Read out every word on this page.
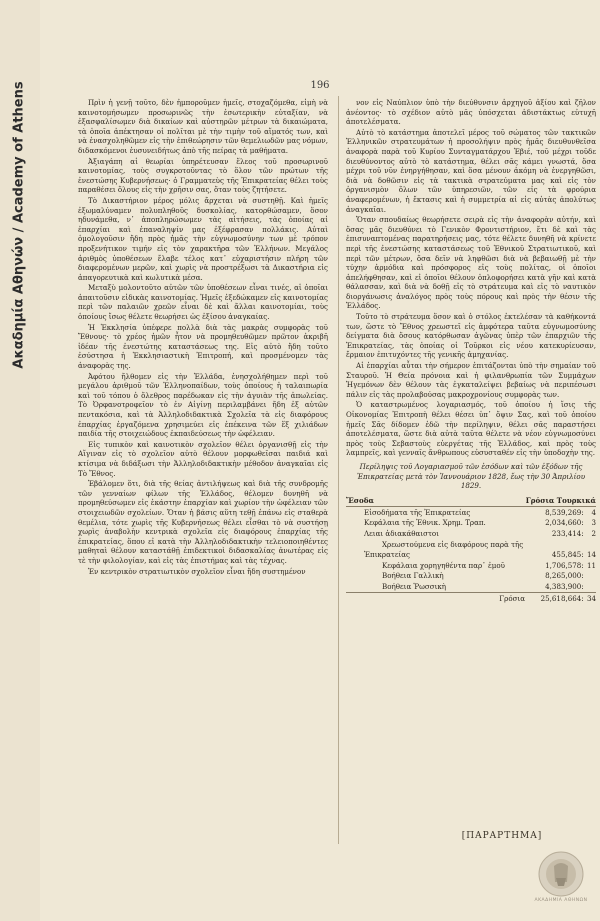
Ακαδημία Αθηνών / Academy of Athens	196

Πρὶν ἡ γενῇ τοῦτο, δὲν ἠμποροῦμεν ἡμεῖς, στοχαζόμεθα, εἰμὴ νὰ καινοτομήσωμεν προσωρινῶς τὴν ἐσωτερικὴν εὐταξίαν, νὰ ἐξασφαλίσωμεν διὰ δικαίων καὶ αὐστηρῶν μέτρων τὰ δικαιώματα, τὰ ὁποῖα ἀπέκτησαν οἱ πολῖται μὲ τὴν τιμὴν τοῦ αἵματός των, καὶ νὰ ἐνασχοληθῶμεν εἰς τὴν ἐπιθεώρησιν τῶν θεμελιωδῶν μας νόμων, διδασκόμενοι ἐυσυνειδήτως ἀπὸ τῆς πείρας τὰ μαθήματα.

Ἀξιαγάπη αἱ θεωρίαι ὑπηρέτευσαν ἕλεος τοῦ προσωρινοῦ καινοτομίας, τοὺς συγκροτοῦντας τὸ ὅλον τῶν πρώτων τῆς ἐνεστώσης Κυβερνήσεως· ὁ Γραμματεὺς τῆς Ἐπικρατείας θέλει τοὺς παραθέσει ὅλους εἰς τὴν χρῆσιν σας, ὅταν τοὺς ζητήσετε.

Τὸ Δικαστήριον μέρος μόλις ἄρχεται νὰ συστηθῇ. Καὶ ἡμεῖς ἐξωμαλύναμεν πολυπληθοῦς δυσκολίας, κατορθώσαμεν, ὅσον ηδυνάμεθα, ν᾽ ἀποπληρώσωμεν τὰς αἰτήσεις, τὰς ὁποίας αἱ ἐπαρχίαι καὶ ἐπαναληψίν μας ἐξέφρασαν πολλάκις. Αὐταὶ ὁμολογοῦσιν ἤδη πρὸς ἡμᾶς τὴν εὐγνωμοσύνην των μὲ τρόπον προξενήτικον τιμήν εἰς τὸν χαρακτῆρα τῶν Ἑλλήνων. Μεγάλος ἀριθμὸς ὑποθέσεων ἔλαβε τέλος κατ᾽ εὐχαριστήσιν πλήρη τῶν διαφερομένων μερῶν, καὶ χωρὶς νὰ προστρέξωσι τὰ Δικαστήρια εἰς ἀπαγορευτικὰ καὶ κωλυτικὰ μέσα.

Μεταξὺ μολοντοῦτο αὐτῶν τῶν ὑποθέσεων εἶναι τινές, αἱ ὁποῖαι ἀπαιτοῦσιν εἰδικὰς καινοτομίας. Ἡμεῖς ἐξεδώκαμεν εἰς καινοτομίας περὶ τῶν παλαιῶν χρεῶν εἶναι δὲ καὶ ἄλλαι καινοτομίαι, τοὺς ὁποίους ἴσως θέλετε θεωρήσει ὡς ἐξίσου ἀναγκαίας.

Ἡ Ἐκκλησία ὑπέφερε πολλὰ διὰ τὰς μακρὰς συμφορὰς τοῦ Ἔθνους· τὸ χρέος ἡμῶν ἦτον νὰ προμηθευθῶμεν πρῶτον ἀκριβῆ ἰδέαν τῆς ἐνεστώτης καταστάσεως της. Εἰς αὐτὸ ἤδη τοῦτο ἐσύστησα ἡ Ἐκκλησιαστικὴ Ἐπιτροπή, καὶ προσμένομεν τὰς ἀναφορὰς της.

Ἀφότου ἤλθομεν εἰς τὴν Ἑλλάδα, ἐνησχολήθημεν περὶ τοῦ μεγάλου ἀριθμοῦ τῶν Ἑλληνοπαίδων, τοὺς ὁποίους ἡ ταλαιπωρία καὶ τοῦ τόπου ὁ ὄλεθρος παρέδωκαν εἰς τὴν ἀγυιὰν τῆς ἀπωλείας. Τὸ Ὀρφανοτροφεῖον τὸ ἐν Αἰγίνῃ περιλαμβάνει ἤδη ἐξ αὐτῶν πεντακόσια, καὶ τὰ Ἀλληλοδιδακτικὰ Σχολεῖα τὰ εἰς διαφόρους ἐπαρχίας ἐργαζόμενα χρησιμεύει εἰς ἐπέκεινα τῶν ἕξ χιλιάδων παιδία τῆς στοιχειώδους ἐκπαιδεύσεως τὴν ὠφέλειαν.

Εἰς τυπικὸν καὶ καινοτικὸν σχολεῖον θέλει ὀργανισθῇ εἰς τὴν Αἴγιναν εἰς τὸ σχολεῖον αὐτὸ θέλουν μορφωθεῖσαι παιδιά καὶ κτίσιμα νὰ διδάξωσι τὴν Ἀλληλοδιδακτικὴν μέθοδον ἀναγκαῖαι εἰς Τὸ Ἔθνος.

Ἐβάλομεν ὅτι, διὰ τῆς θείας ἀντιλήψεως καὶ διὰ τῆς συνδρομῆς τῶν γενναίων φίλων τῆς Ἑλλάδος, θέλομεν δυνηθῆ νὰ προμηθεύσωμεν εἰς ἑκάστην ἐπαρχίαν καὶ χωρίον τὴν ὠφέλειαν τῶν στοιχειωδῶν σχολείων. Ὅταν ἡ βάσις αὕτη τεθῇ ἐπάνω εἰς σταθερὰ θεμέλια, τότε χωρὶς τῆς Κυβερνήσεως θέλει εἶσθαι τὸ νὰ συστήσῃ χωρὶς ἀναβολὴν κεντρικὰ σχολεῖα εἰς διαφόρους ἐπαρχίας τῆς ἐπικρατείας, ὅπου εἰ κατὰ τὴν Ἀλληλοδιδακτικὴν τελειοποιηθέντες μαθηταὶ θέλουν καταστάθῇ ἐπιδεκτικοὶ διδασκαλίας ἀνωτέρας εἰς τὲ τὴν φιλολογίαν, καὶ εἰς τὰς ἐπιστήμας καὶ τὰς τέχνας.

Ἐν κεντρικὸν στρατιωτικὸν σχολεῖον εἶναι ἤδη συστημένον

νον εἰς Ναύπλιον ὑπὸ τὴν διεύθυνσιν ἀρχηγοῦ ἀξίου καὶ ζῆλον ἀνέοντος· τὸ σχέδιον αὐτὸ μᾶς ὑπόσχεται ἀδιστάκτως εὐτυχῆ ἀποτελέσματα.

Αὐτὸ τὸ κατάστημα ἀποτελεῖ μέρος τοῦ σώματος τῶν τακτικῶν Ἑλληνικῶν στρατευμάτων ἡ προσολήψιν πρὸς ἡμᾶς διευθυνθεῖσα ἀναφορὰ παρὰ τοῦ Κυρίου Συνταγματάρχου Ἐβιέ, τοῦ μέχρι τοῦδε διευθύνοντος αὐτὸ τὸ κατάστημα, θέλει σᾶς κάμει γνωστά, ὅσα μέχρι τοῦ νῦν ἐνηργήθησαν, καὶ ὅσα μένουν ἀκόμη νὰ ἐνεργηθῶσι, διὰ νὰ δοθῶσιν εἰς τὰ τακτικὰ στρατεύματα μας καὶ εἰς τὸν ὀργανισμὸν ὅλων τῶν ὑπηρεσιῶν, τῶν εἰς τὰ φρούρια ἀναφερομένων, ἡ ἔκτασις καὶ ἡ συμμετρία αἱ εἰς αὐτὰς ἀπολύτως ἀναγκαῖαι.

Ὅταν σπουδαίως θεωρήσετε σειρὰ εἰς τὴν ἀναφορὰν αὐτήν, καὶ ὅσας μᾶς διευθύνει τὸ Γενικὸν Φροντιστήριον, ἔτι δὲ καὶ τὰς ἐπισυναπτομένας παρατηρήσεις μας, τότε θέλετε δυνηθῆ νὰ κρίνετε περὶ τῆς ἐνεστώσης καταστάσεως τοῦ Ἐθνικοῦ Στρατιωτικοῦ, καὶ περὶ τῶν μέτρων, ὅσα δεῖν νὰ ληφθῶσι διὰ νὰ βεβαιωθῇ μὲ τὴν τύχην ἁρμόδια καὶ πρόσφορος εἰς τοὺς πολίτας, οἱ ὁποῖοι ἀπελήφθησαν, καὶ εἰ ὁποῖοι θέλουν ὁπλοφορήσει κατὰ γῆν καὶ κατὰ θάλασσαν, καὶ διὰ νὰ δοθῇ εἰς τὸ στράτευμα καὶ εἰς τὸ ναυτικὸν διοργάνωσις ἀναλόγος πρὸς τοὺς πόρους καὶ πρὸς τὴν θέσιν τῆς Ἑλλάδος.

Τοῦτο τὸ στράτευμα ὅσον καὶ ὁ στόλος ἐκτελέσαν τὰ καθήκοντά των, ὥστε τὸ Ἔθνος χρεωστεῖ εἰς ἀμφότερα ταῦτα εὐγνωμοσύνης δείγματα διὰ ὅσους κατόρθωσαν ἀγῶνας ὑπὲρ τῶν ἐπαρχιῶν τῆς Ἐπικρατείας, τὰς ὁποίας οἱ Τοῦρκοι εἰς νέου κατεκυρίευσαν, ἔρμαιον ἐπιτυχόντες τῆς γενικῆς ἀμηχανίας.

Αἱ ἐπαρχίαι αὗται τὴν σήμερον ἐπιτάζονται ὑπὸ τὴν σημαίαν τοῦ Σταυροῦ. Ἡ Θεία πρόνοια καὶ ἡ φιλανθρωπία τῶν Συμμάχων Ἡγεμόνων δὲν θέλουν τὰς ἐγκαταλείψει βεβαίως νὰ περιπέσωσι πάλιν εἰς τὰς προλαβούσας μακροχρονίους συμφορὰς των.

Ὁ καταστρωμένος λογαριασμός, τοῦ ὁποίου ἡ ἴσις τῆς Οἰκονομίας Ἐπιτροπὴ θέλει θέσει ὑπ᾽ ὄψιν Σας, καὶ τοῦ ὁποίου ἡμεῖς Σᾶς δίδομεν ἐδῶ τὴν περίληψιν, θέλει σᾶς παραστήσει ἀποτελέσματα, ὥστε διὰ αὐτὰ ταῦτα θέλετε νὰ νέον εὐγνωμοσύνει πρὸς τοὺς Σεβαστοὺς εὐεργέτας τῆς Ἑλλάδος, καὶ πρὸς τοὺς λαμπρεῖς, καὶ γενναῖς ἄνθρωπους εὐσυσταθέν εἰς τὴν ὑποδοχὴν της.

Περίληψις τοῦ Λογαριασμοῦ τῶν ἐσόδων καὶ τῶν ἐξόδων τῆς Ἐπικρατείας μετὰ τὸν Ἰαννουάριον 1828, ἕως τὴν 30 Ἀπριλίου 1829.

Ἔσοδα	Γρόσια Τουρκικά	
Εἰσοδήματα τῆς Ἐπικρατείας	8,539,269:	4
Κεφάλαια τῆς Ἐθνικ. Χρημ. Τραπ.	2,034,660:	3
Λειαι ἀδιακάθαιστοι	233,414:	2
Χρεωστούμενα εἰς διαφόρους παρὰ τῆς		
Ἐπικρατείας	455,845:	14
Κεφάλαια χορηγηθέντα παρ᾽ ἐμοῦ	1,706,578:	11
Βοήθεια Γαλλικὴ	8,265,000:	
Βοήθεια Ῥωσσικὴ	4,383,900:	
Γρόσια	25,618,664:	34
[ΠΑΡΑΡΤΗΜΑ]
ΑΚΑΔΗΜΙΑ ΑΘΗΝΩΝ
